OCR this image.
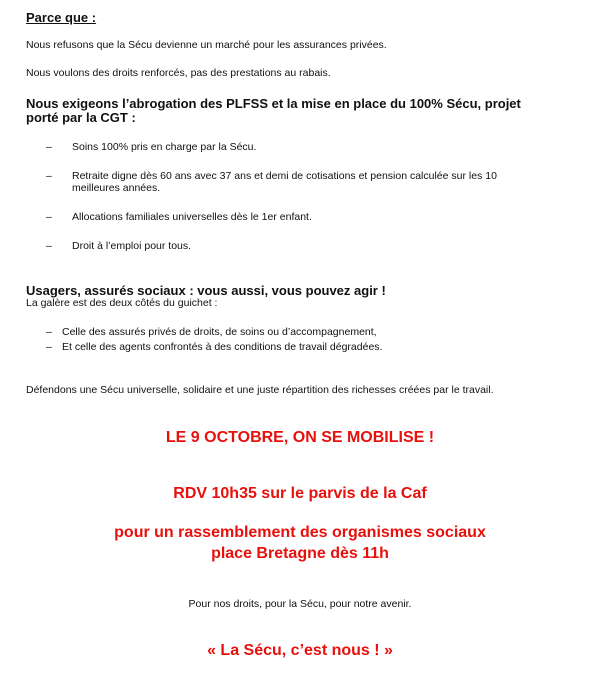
Parce que :
Nous refusons que la Sécu devienne un marché pour les assurances privées.
Nous voulons des droits renforcés, pas des prestations au rabais.
Nous exigeons l’abrogation des PLFSS et la mise en place du 100% Sécu, projet
porté par la CGT :
– Soins 100% pris en charge par la Sécu.
– Retraite digne dès 60 ans avec 37 ans et demi de cotisations et pension calculée sur les 10
meilleures années.
– Allocations familiales universelles dès le 1er enfant.
– Droit à l’emploi pour tous.
Usagers, assurés sociaux : vous aussi, vous pouvez agir !
La galère est des deux côtés du guichet :
– Celle des assurés privés de droits, de soins ou d’accompagnement,
– Et celle des agents confrontés à des conditions de travail dégradées.
Défendons une Sécu universelle, solidaire et une juste répartition des richesses créées par le travail.
LE 9 OCTOBRE, ON SE MOBILISE !
RDV 10h35 sur le parvis de la Caf
pour un rassemblement des organismes sociaux
place Bretagne dès 11h
Pour nos droits, pour la Sécu, pour notre avenir.
« La Sécu, c’est nous ! »
